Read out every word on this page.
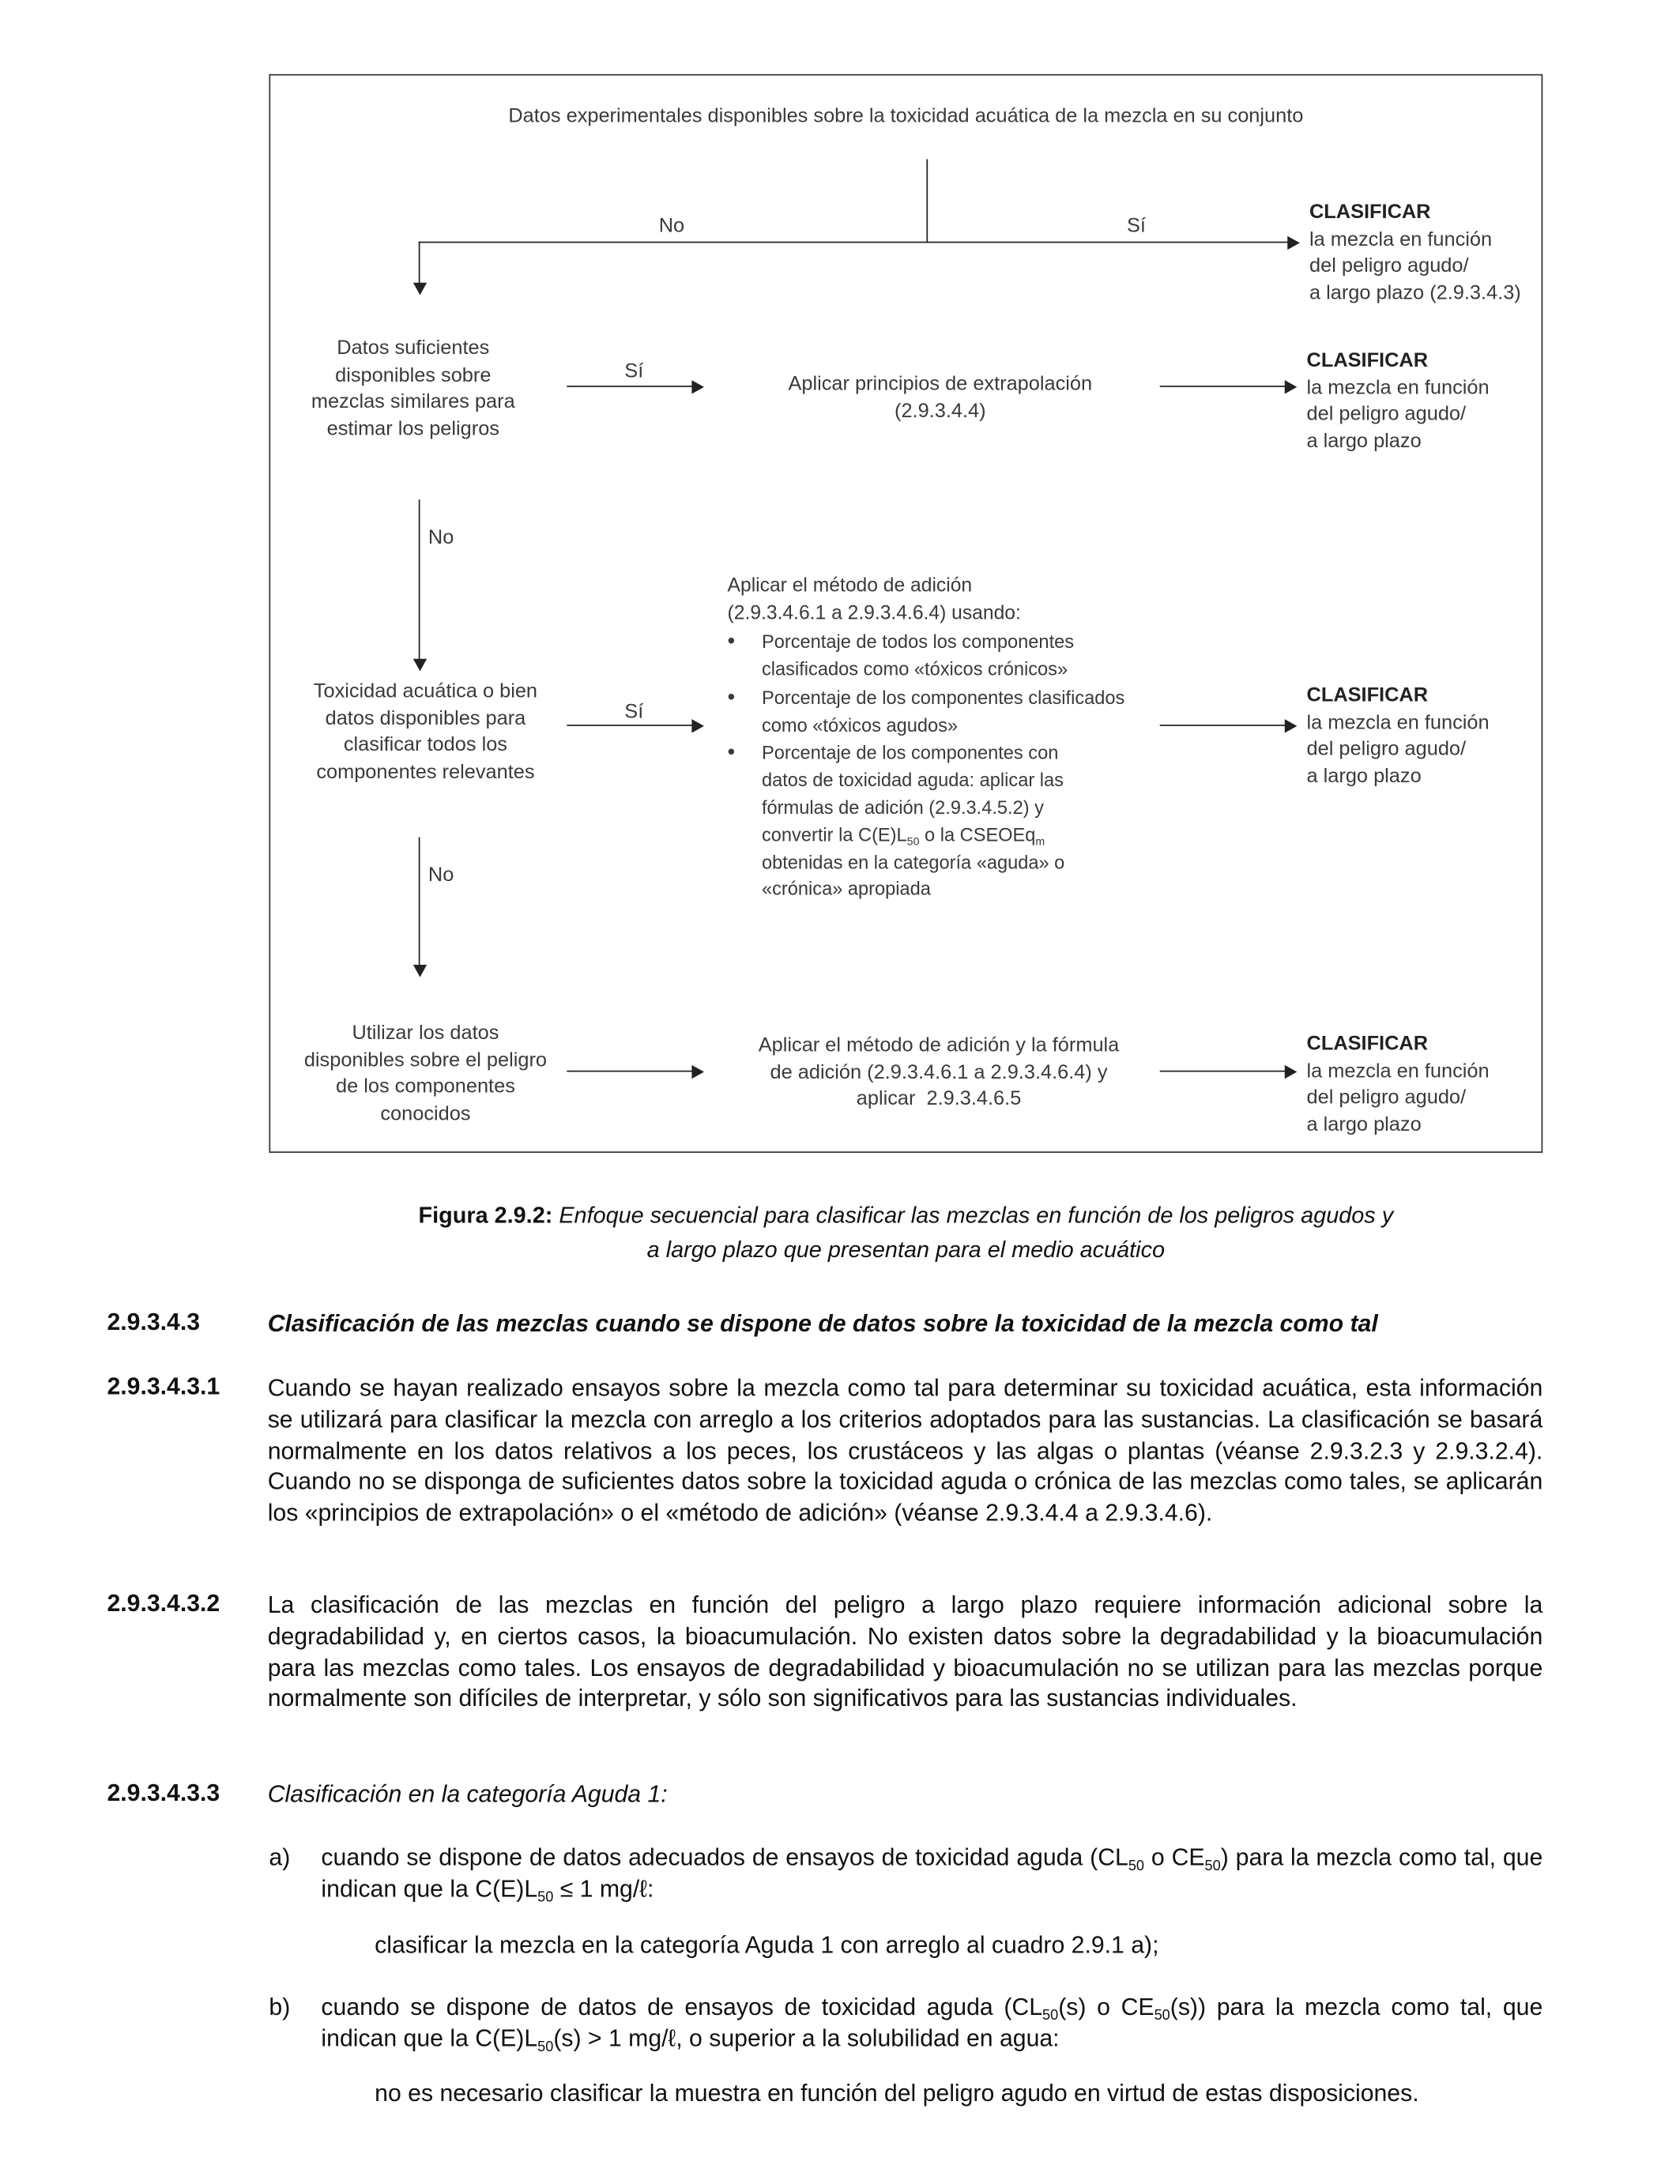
Datos experimentales disponibles sobre la toxicidad acuática de la mezcla en su conjunto
No	Sí
CLASIFICAR
la mezcla en función
del peligro agudo/
a largo plazo (2.9.3.4.3)
Datos suficientes
disponibles sobre
mezclas similares para
estimar los peligros
Sí
Aplicar principios de extrapolación
(2.9.3.4.4)
CLASIFICAR
la mezcla en función
del peligro agudo/
a largo plazo
No
Toxicidad acuática o bien
datos disponibles para
clasificar todos los
componentes relevantes
Sí
Aplicar el método de adición
(2.9.3.4.6.1 a 2.9.3.4.6.4) usando:
• Porcentaje de todos los componentes clasificados como «tóxicos crónicos»
• Porcentaje de los componentes clasificados como «tóxicos agudos»
• Porcentaje de los componentes con
datos de toxicidad aguda: aplicar las
fórmulas de adición (2.9.3.4.5.2) y
convertir la $C(E)L_{50}$ o la CSEOEq$_m$
obtenidas en la categoría «aguda» o
«crónica» apropiada
CLASIFICAR
la mezcla en función
del peligro agudo/
a largo plazo
No
Utilizar los datos
disponibles sobre el peligro
de los componentes
conocidos
Aplicar el método de adición y la fórmula
de adición (2.9.3.4.6.1 a 2.9.3.4.6.4) y
aplicar  2.9.3.4.6.5
CLASIFICAR
la mezcla en función
del peligro agudo/
a largo plazo
Figura 2.9.2: Enfoque secuencial para clasificar las mezclas en función de los peligros agudos y
a largo plazo que presentan para el medio acuático
2.9.3.4.3	Clasificación de las mezclas cuando se dispone de datos sobre la toxicidad de la mezcla como tal
2.9.3.4.3.1	Cuando se hayan realizado ensayos sobre la mezcla como tal para determinar su toxicidad acuática, esta información se utilizará para clasificar la mezcla con arreglo a los criterios adoptados para las sustancias. La clasificación se basará normalmente en los datos relativos a los peces, los crustáceos y las algas o plantas (véanse 2.9.3.2.3 y 2.9.3.2.4). Cuando no se disponga de suficientes datos sobre la toxicidad aguda o crónica de las mezclas como tales, se aplicarán los «principios de extrapolación» o el «método de adición» (véanse 2.9.3.4.4 a 2.9.3.4.6).
2.9.3.4.3.2	La clasificación de las mezclas en función del peligro a largo plazo requiere información adicional sobre la degradabilidad y, en ciertos casos, la bioacumulación. No existen datos sobre la degradabilidad y la bioacumulación para las mezclas como tales. Los ensayos de degradabilidad y bioacumulación no se utilizan para las mezclas porque normalmente son difíciles de interpretar, y sólo son significativos para las sustancias individuales.
2.9.3.4.3.3	Clasificación en la categoría Aguda 1:
a) cuando se dispone de datos adecuados de ensayos de toxicidad aguda ($CL_{50}$ o $CE_{50}$) para la mezcla como tal, que indican que la $C(E)L_{50} \le 1$ mg/ℓ:
clasificar la mezcla en la categoría Aguda 1 con arreglo al cuadro 2.9.1 a);
b) cuando se dispone de datos de ensayos de toxicidad aguda ($CL_{50}(s)$ o $CE_{50}(s)$) para la mezcla como tal, que indican que la $C(E)L_{50}(s) > 1$ mg/ℓ, o superior a la solubilidad en agua:
no es necesario clasificar la muestra en función del peligro agudo en virtud de estas disposiciones.
